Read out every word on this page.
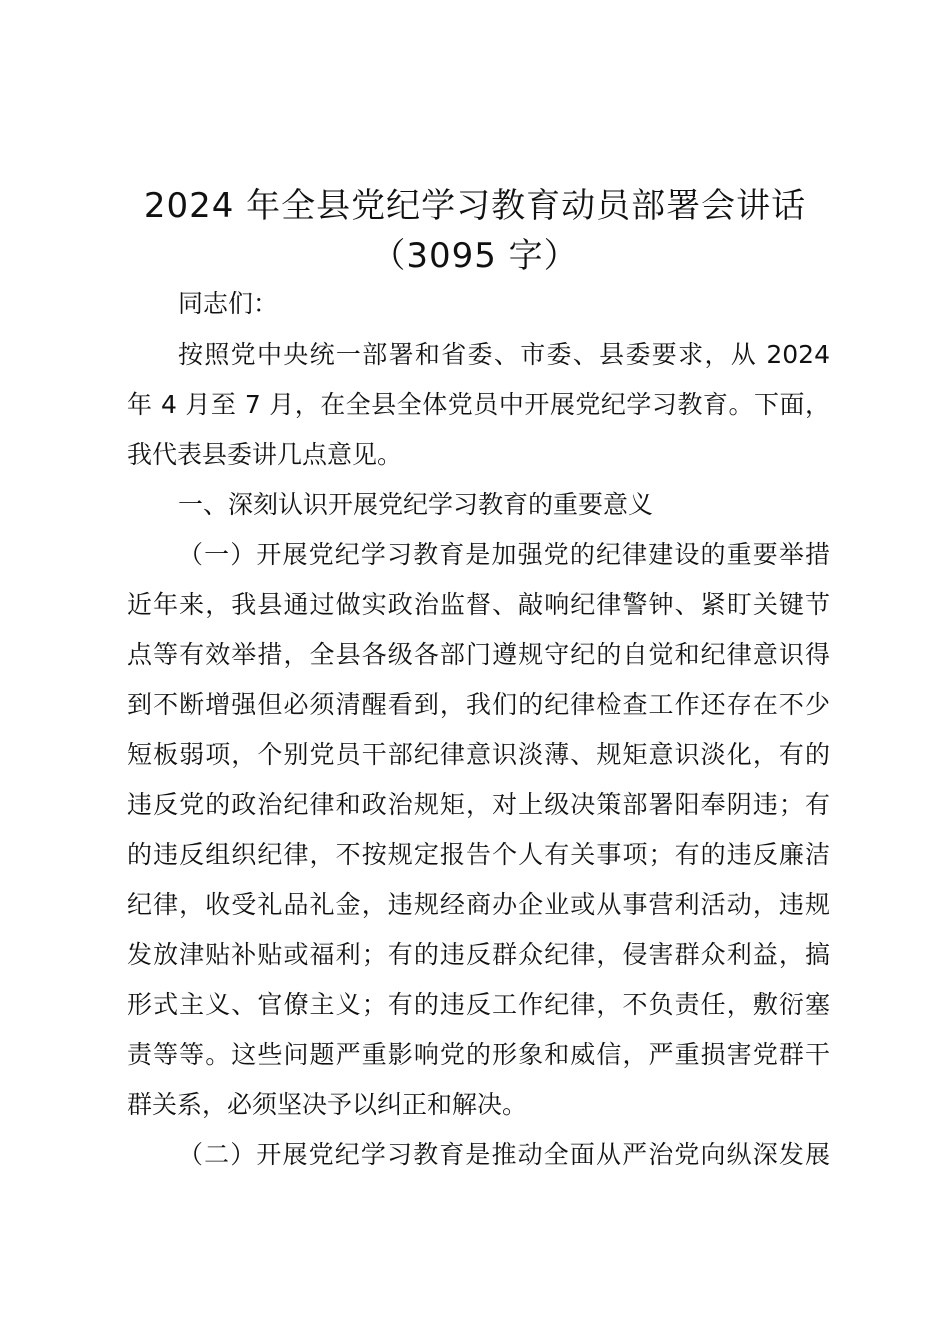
2024 年全县党纪学习教育动员部署会讲话
（3095 字）
同志们：
按照党中央统一部署和省委、市委、县委要求，从 2024
年 4 月至 7 月，在全县全体党员中开展党纪学习教育。下面，
我代表县委讲几点意见。
一、深刻认识开展党纪学习教育的重要意义
（一）开展党纪学习教育是加强党的纪律建设的重要举措
近年来，我县通过做实政治监督、敲响纪律警钟、紧盯关键节
点等有效举措，全县各级各部门遵规守纪的自觉和纪律意识得
到不断增强但必须清醒看到，我们的纪律检查工作还存在不少
短板弱项，个别党员干部纪律意识淡薄、规矩意识淡化，有的
违反党的政治纪律和政治规矩，对上级决策部署阳奉阴违；有
的违反组织纪律，不按规定报告个人有关事项；有的违反廉洁
纪律，收受礼品礼金，违规经商办企业或从事营利活动，违规
发放津贴补贴或福利；有的违反群众纪律，侵害群众利益，搞
形式主义、官僚主义；有的违反工作纪律，不负责任，敷衍塞
责等等。这些问题严重影响党的形象和威信，严重损害党群干
群关系，必须坚决予以纠正和解决。
（二）开展党纪学习教育是推动全面从严治党向纵深发展
